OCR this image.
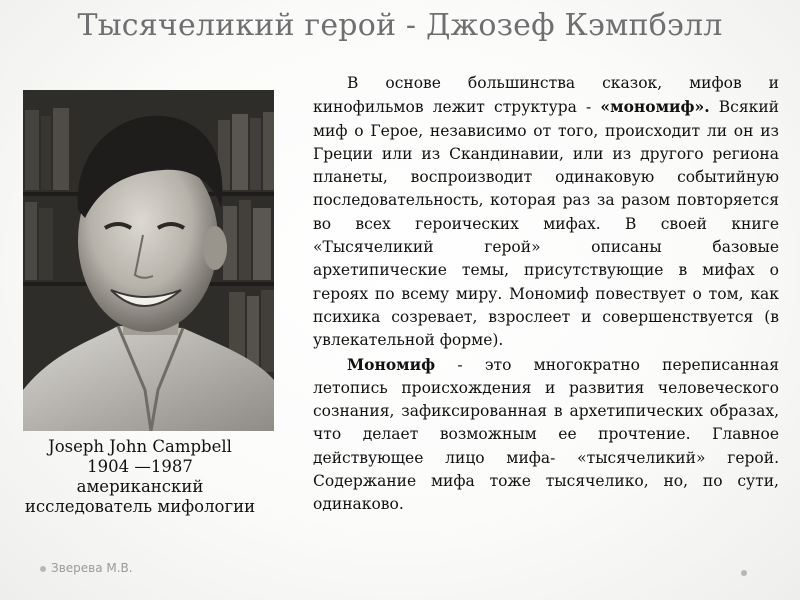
Тысячеликий герой - Джозеф Кэмпбэлл
Joseph John Campbell
1904 —1987
американский
исследователь мифологии

В основе большинства сказок, мифов и кинофильмов лежит структура - «мономиф». Всякий миф о Герое, независимо от того, происходит ли он из Греции или из Скандинавии, или из другого региона планеты, воспроизводит одинаковую событийную последовательность, которая раз за разом повторяется во всех героических мифах. В своей книге «Тысячеликий герой» описаны базовые архетипические темы, присутствующие в мифах о героях по всему миру. Мономиф повествует о том, как психика созревает, взрослеет и совершенствуется (в увлекательной форме).

Мономиф - это многократно переписанная летопись происхождения и развития человеческого сознания, зафиксированная в архетипических образах, что делает возможным ее прочтение. Главное действующее лицо мифа- «тысячеликий» герой. Содержание мифа тоже тысячелико, но, по сути, одинаково.

Зверева М.В.
